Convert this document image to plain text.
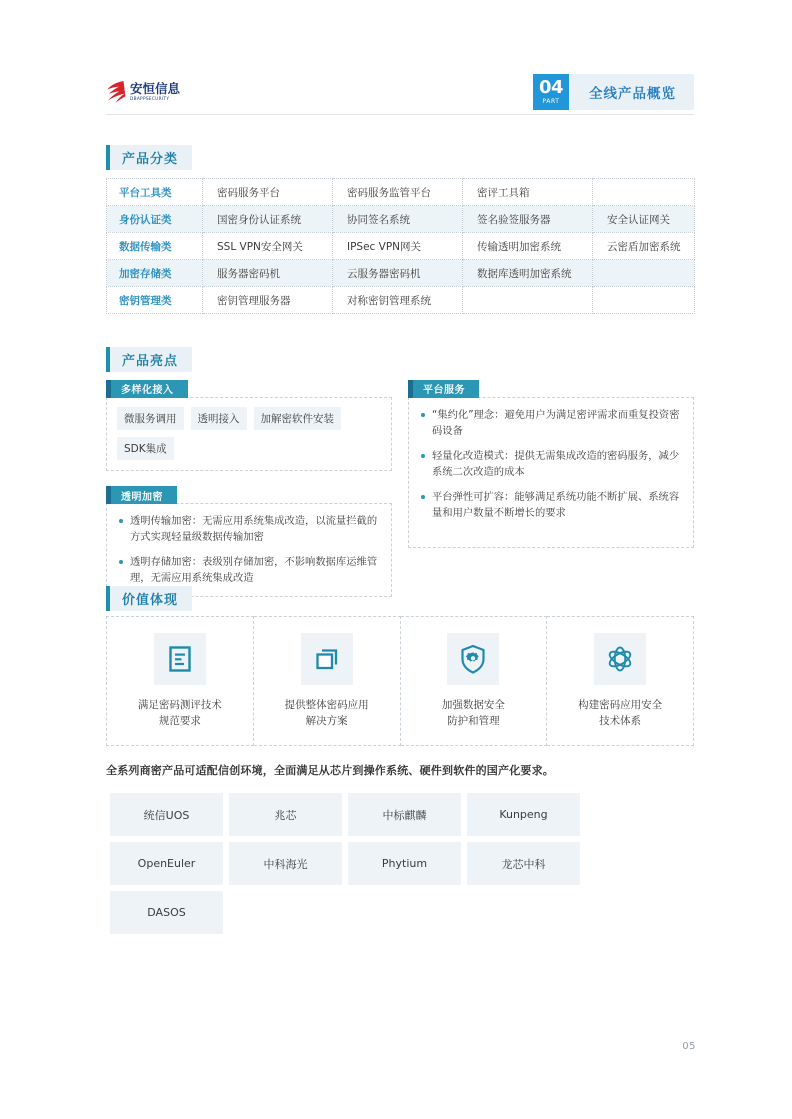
安恒信息
DBAPPSECURITY
04
PART	全线产品概览
产品分类
平台工具类	密码服务平台	密码服务监管平台	密评工具箱	
身份认证类	国密身份认证系统	协同签名系统	签名验签服务器	安全认证网关
数据传输类	SSL VPN安全网关	IPSec VPN网关	传输透明加密系统	云密盾加密系统
加密存储类	服务器密码机	云服务器密码机	数据库透明加密系统	
密钥管理类	密钥管理服务器	对称密钥管理系统		
产品亮点
多样化接入
微服务调用	透明接入	加解密软件安装
SDK集成
透明加密
透明传输加密：无需应用系统集成改造，以流量拦截的方式实现轻量级数据传输加密
透明存储加密：表级别存储加密，不影响数据库运维管理，无需应用系统集成改造
平台服务
“集约化”理念：避免用户为满足密评需求而重复投资密码设备
轻量化改造模式：提供无需集成改造的密码服务，减少系统二次改造的成本
平台弹性可扩容：能够满足系统功能不断扩展、系统容量和用户数量不断增长的要求
价值体现
满足密码测评技术
规范要求
提供整体密码应用
解决方案
加强数据安全
防护和管理
构建密码应用安全
技术体系
全系列商密产品可适配信创环境，全面满足从芯片到操作系统、硬件到软件的国产化要求。
统信UOS	兆芯	中标麒麟	Kunpeng
OpenEuler	中科海光	Phytium	龙芯中科
DASOS
05
